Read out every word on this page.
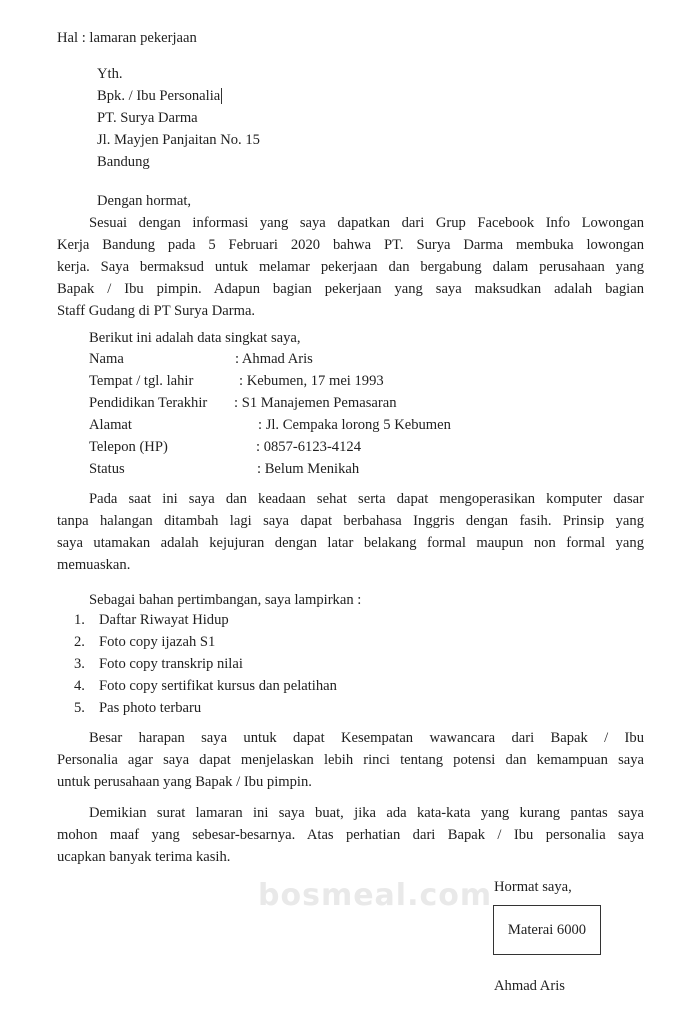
Hal : lamaran pekerjaan
Yth.
Bpk. / Ibu Personalia
PT. Surya Darma
Jl. Mayjen Panjaitan No. 15
Bandung
Dengan hormat,
Sesuai dengan informasi yang saya dapatkan dari Grup Facebook Info Lowongan
Kerja Bandung pada 5 Februari 2020 bahwa PT. Surya Darma membuka lowongan
kerja. Saya bermaksud untuk melamar pekerjaan dan bergabung dalam perusahaan yang
Bapak / Ibu pimpin. Adapun bagian pekerjaan yang saya maksudkan adalah bagian
Staff Gudang di PT Surya Darma.
Berikut ini adalah data singkat saya,
Nama	: Ahmad Aris
Tempat / tgl. lahir	: Kebumen, 17 mei 1993
Pendidikan Terakhir : S1 Manajemen Pemasaran
Alamat	: Jl. Cempaka lorong 5 Kebumen
Telepon (HP)	: 0857-6123-4124
Status	: Belum Menikah
Pada saat ini saya dan keadaan sehat serta dapat mengoperasikan komputer dasar
tanpa halangan ditambah lagi saya dapat berbahasa Inggris dengan fasih. Prinsip yang
saya utamakan adalah kejujuran dengan latar belakang formal maupun non formal yang
memuaskan.
Sebagai bahan pertimbangan, saya lampirkan :
1. Daftar Riwayat Hidup
2. Foto copy ijazah S1
3. Foto copy transkrip nilai
4. Foto copy sertifikat kursus dan pelatihan
5. Pas photo terbaru
Besar harapan saya untuk dapat Kesempatan wawancara dari Bapak / Ibu
Personalia agar saya dapat menjelaskan lebih rinci tentang potensi dan kemampuan saya
untuk perusahaan yang Bapak / Ibu pimpin.
Demikian surat lamaran ini saya buat, jika ada kata-kata yang kurang pantas saya
mohon maaf yang sebesar-besarnya. Atas perhatian dari Bapak / Ibu personalia saya
ucapkan banyak terima kasih.
bosmeal.com Hormat saya,
Materai 6000
Ahmad Aris
